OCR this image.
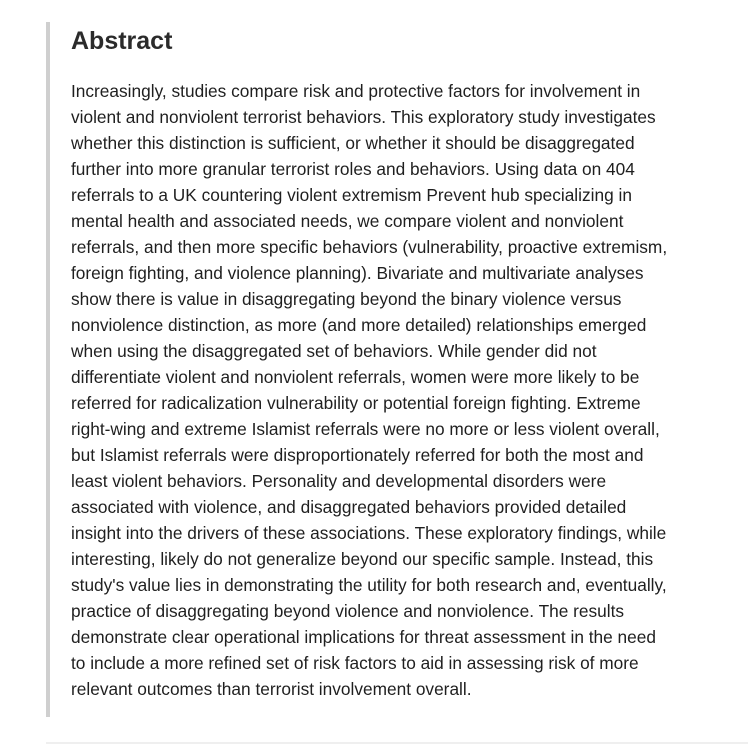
Abstract

Increasingly, studies compare risk and protective factors for involvement in
violent and nonviolent terrorist behaviors. This exploratory study investigates
whether this distinction is sufficient, or whether it should be disaggregated
further into more granular terrorist roles and behaviors. Using data on 404
referrals to a UK countering violent extremism Prevent hub specializing in
mental health and associated needs, we compare violent and nonviolent
referrals, and then more specific behaviors (vulnerability, proactive extremism,
foreign fighting, and violence planning). Bivariate and multivariate analyses
show there is value in disaggregating beyond the binary violence versus
nonviolence distinction, as more (and more detailed) relationships emerged
when using the disaggregated set of behaviors. While gender did not
differentiate violent and nonviolent referrals, women were more likely to be
referred for radicalization vulnerability or potential foreign fighting. Extreme
right-wing and extreme Islamist referrals were no more or less violent overall,
but Islamist referrals were disproportionately referred for both the most and
least violent behaviors. Personality and developmental disorders were
associated with violence, and disaggregated behaviors provided detailed
insight into the drivers of these associations. These exploratory findings, while
interesting, likely do not generalize beyond our specific sample. Instead, this
study's value lies in demonstrating the utility for both research and, eventually,
practice of disaggregating beyond violence and nonviolence. The results
demonstrate clear operational implications for threat assessment in the need
to include a more refined set of risk factors to aid in assessing risk of more
relevant outcomes than terrorist involvement overall.
